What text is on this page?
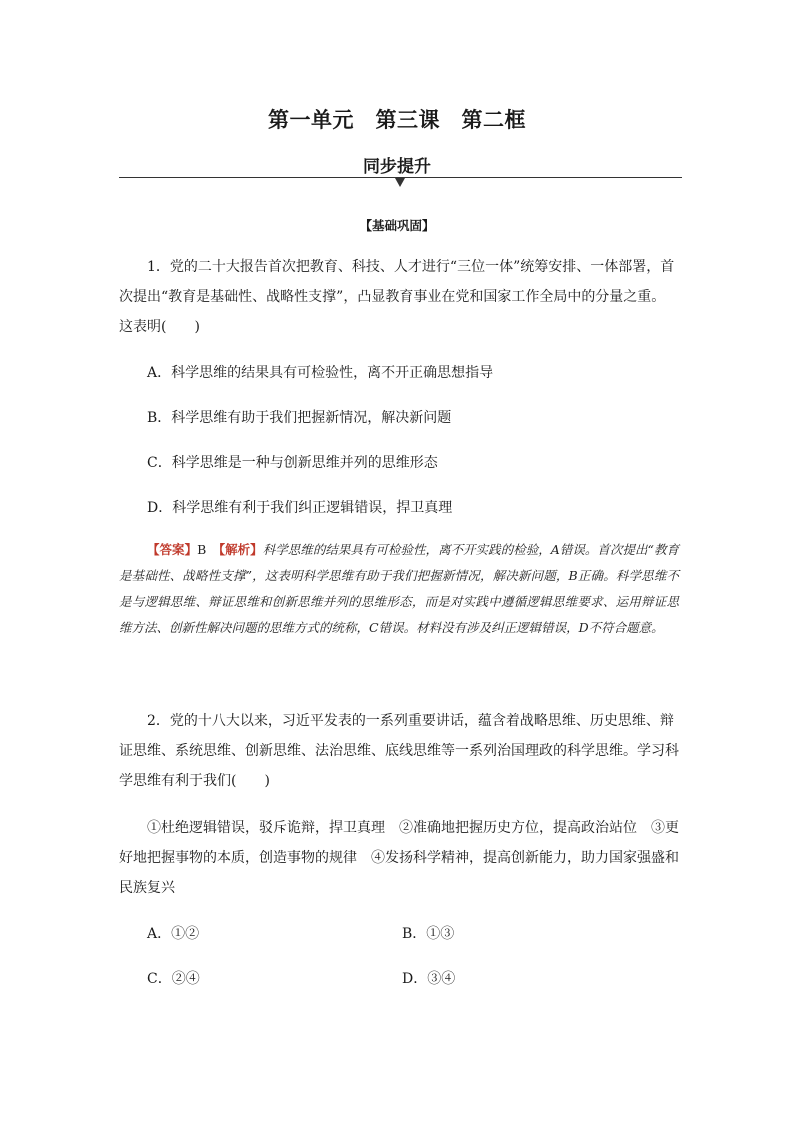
第一单元　第三课　第二框
同步提升
【基础巩固】

1．党的二十大报告首次把教育、科技、人才进行“三位一体”统筹安排、一体部署，首次提出“教育是基础性、战略性支撑”，凸显教育事业在党和国家工作全局中的分量之重。这表明(　　)

A．科学思维的结果具有可检验性，离不开正确思想指导

B．科学思维有助于我们把握新情况，解决新问题

C．科学思维是一种与创新思维并列的思维形态

D．科学思维有利于我们纠正逻辑错误，捍卫真理

【答案】B　 【解析】科学思维的结果具有可检验性，离不开实践的检验，A错误。首次提出“教育是基础性、战略性支撑”，这表明科学思维有助于我们把握新情况，解决新问题，B正确。科学思维不是与逻辑思维、辩证思维和创新思维并列的思维形态，而是对实践中遵循逻辑思维要求、运用辩证思维方法、创新性解决问题的思维方式的统称，C错误。材料没有涉及纠正逻辑错误，D不符合题意。

2．党的十八大以来，习近平发表的一系列重要讲话，蕴含着战略思维、历史思维、辩证思维、系统思维、创新思维、法治思维、底线思维等一系列治国理政的科学思维。学习科学思维有利于我们(　　)

①杜绝逻辑错误，驳斥诡辩，捍卫真理　②准确地把握历史方位，提高政治站位　③更好地把握事物的本质，创造事物的规律　④发扬科学精神，提高创新能力，助力国家强盛和民族复兴

A．①②	B．①③

C．②④	D．③④
